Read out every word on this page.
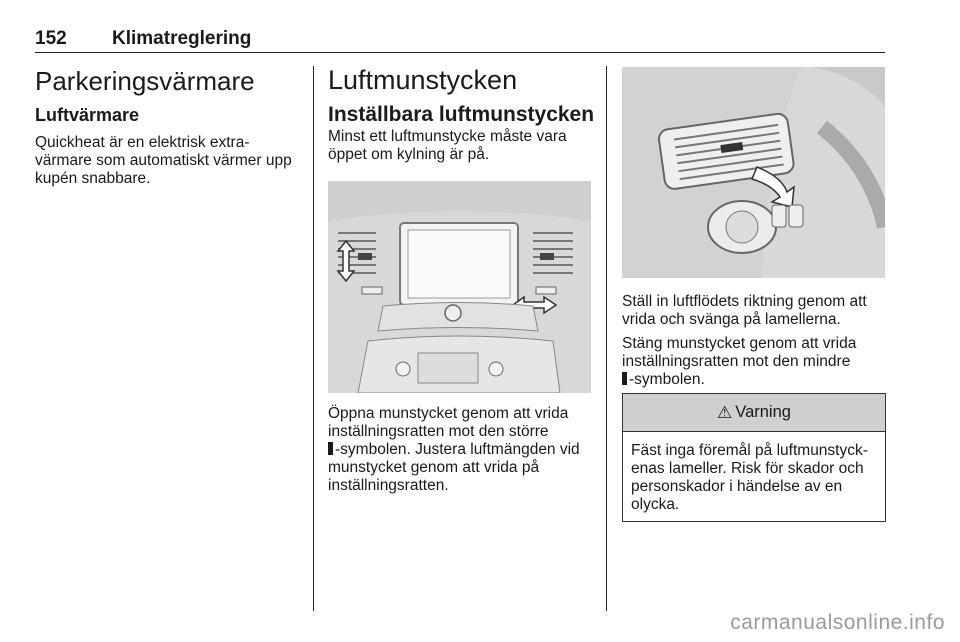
152 Klimatreglering
Parkeringsvärmare
Luftvärmare

Quickheat är en elektrisk extra-

värmare som automatiskt värmer upp

kupén snabbare.

Luftmunstycken
Inställbara luftmunstycken

Minst ett luftmunstycke måste vara

öppet om kylning är på.

Öppna munstycket genom att vrida

inställningsratten mot den större

-symbolen. Justera luftmängden vid

munstycket genom att vrida på

inställningsratten.

Ställ in luftflödets riktning genom att

vrida och svänga på lamellerna.

Stäng munstycket genom att vrida

inställningsratten mot den mindre

-symbolen.

⚠ Varning
Fäst inga föremål på luftmunstyck-
enas lameller. Risk för skador och
personskador i händelse av en
olycka.
carmanualsonline.info
